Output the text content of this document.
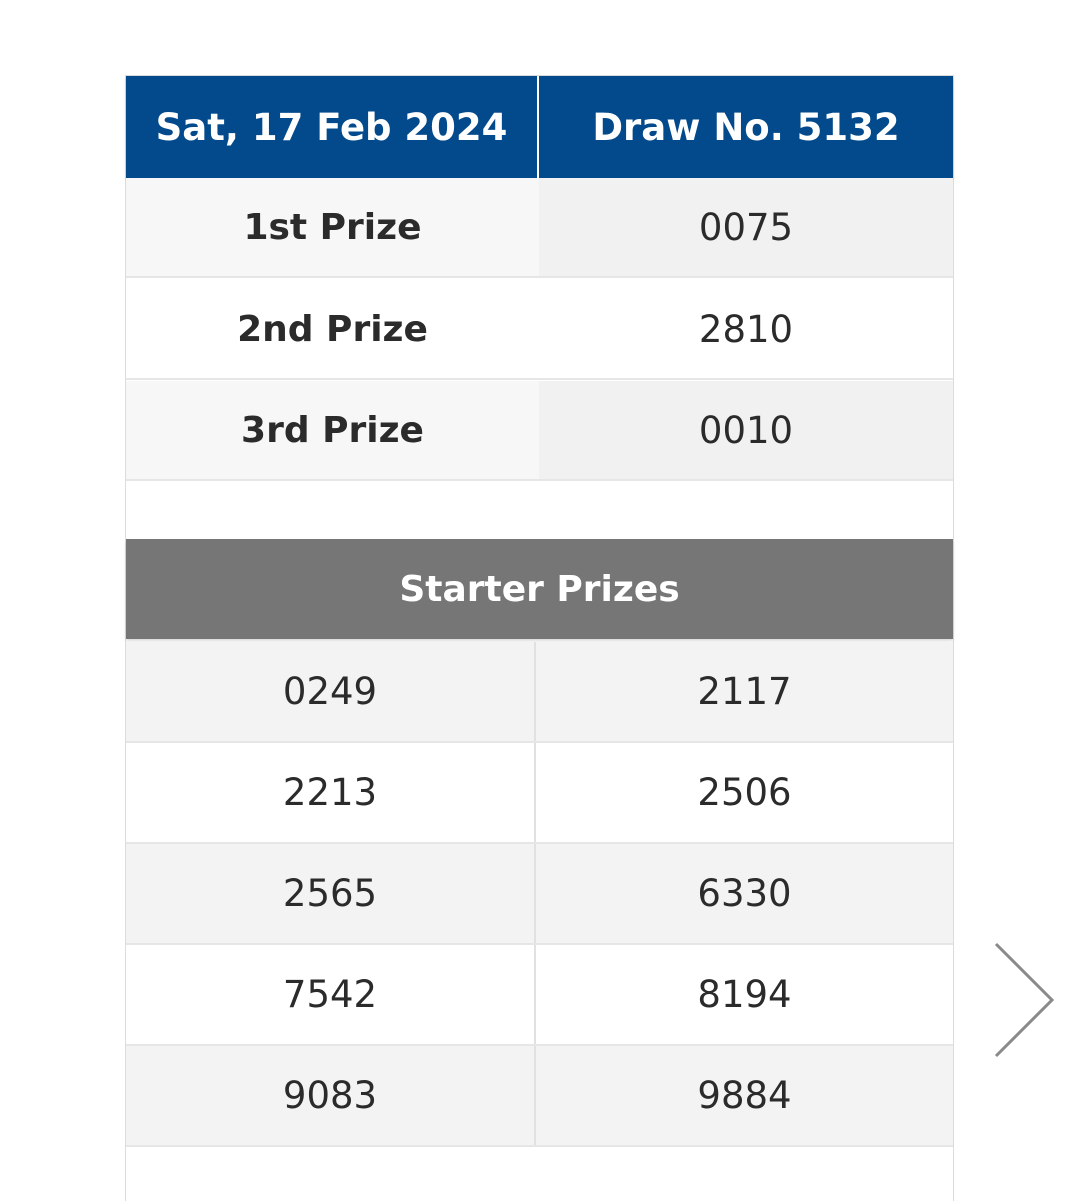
Sat, 17 Feb 2024	Draw No. 5132
1st Prize	0075
2nd Prize	2810
3rd Prize	0010
Starter Prizes
0249	2117
2213	2506
2565	6330
7542	8194
9083	9884
